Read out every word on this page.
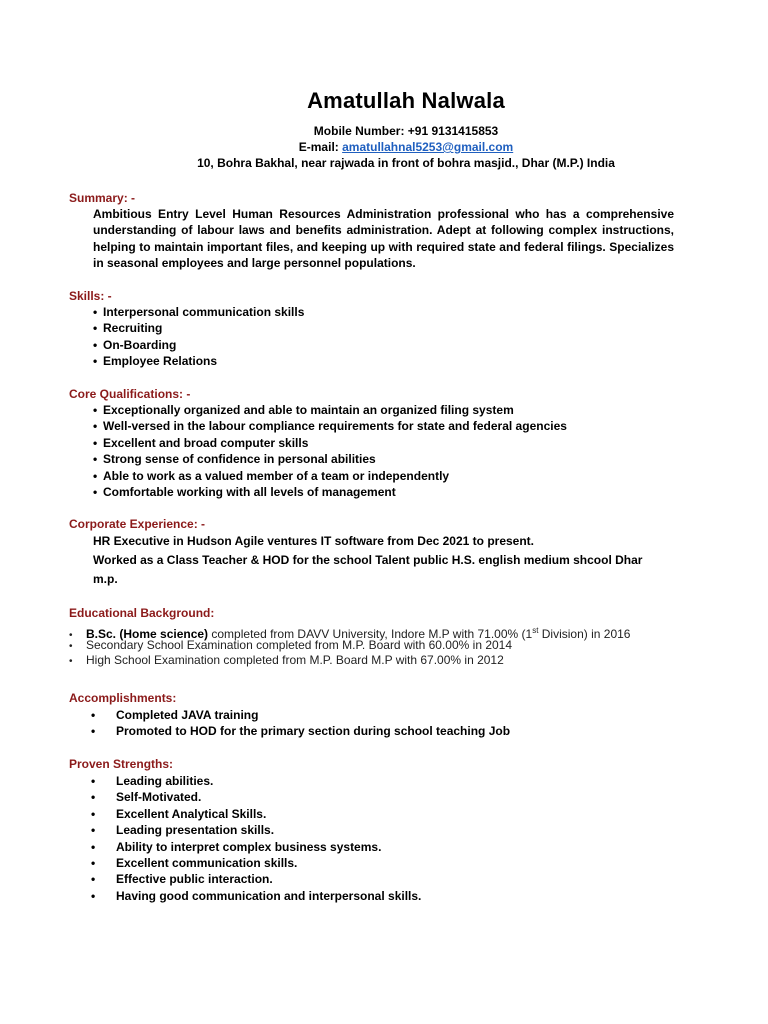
Amatullah Nalwala
Mobile Number: +91 9131415853
E-mail: amatullahnal5253@gmail.com
10, Bohra Bakhal, near rajwada in front of bohra masjid., Dhar (M.P.) India
Summary: -

Ambitious Entry Level Human Resources Administration professional who has a comprehensive understanding of labour laws and benefits administration. Adept at following complex instructions, helping to maintain important files, and keeping up with required state and federal filings. Specializes in seasonal employees and large personnel populations.

Skills: -
• Interpersonal communication skills
• Recruiting
• On-Boarding
• Employee Relations
Core Qualifications: -
• Exceptionally organized and able to maintain an organized filing system
• Well-versed in the labour compliance requirements for state and federal agencies
• Excellent and broad computer skills
• Strong sense of confidence in personal abilities
• Able to work as a valued member of a team or independently
• Comfortable working with all levels of management
Corporate Experience: -
HR Executive in Hudson Agile ventures IT software from Dec 2021 to present.
Worked as a Class Teacher & HOD for the school Talent public H.S. english medium shcool Dhar
m.p.
Educational Background:
• B.Sc. (Home science) completed from DAVV University, Indore M.P with 71.00% (1st Division) in 2016
• Secondary School Examination completed from M.P. Board with 60.00% in 2014
• High School Examination completed from M.P. Board M.P with 67.00% in 2012
Accomplishments:
• Completed JAVA training
• Promoted to HOD for the primary section during school teaching Job
Proven Strengths:
• Leading abilities.
• Self-Motivated.
• Excellent Analytical Skills.
• Leading presentation skills.
• Ability to interpret complex business systems.
• Excellent communication skills.
• Effective public interaction.
• Having good communication and interpersonal skills.
